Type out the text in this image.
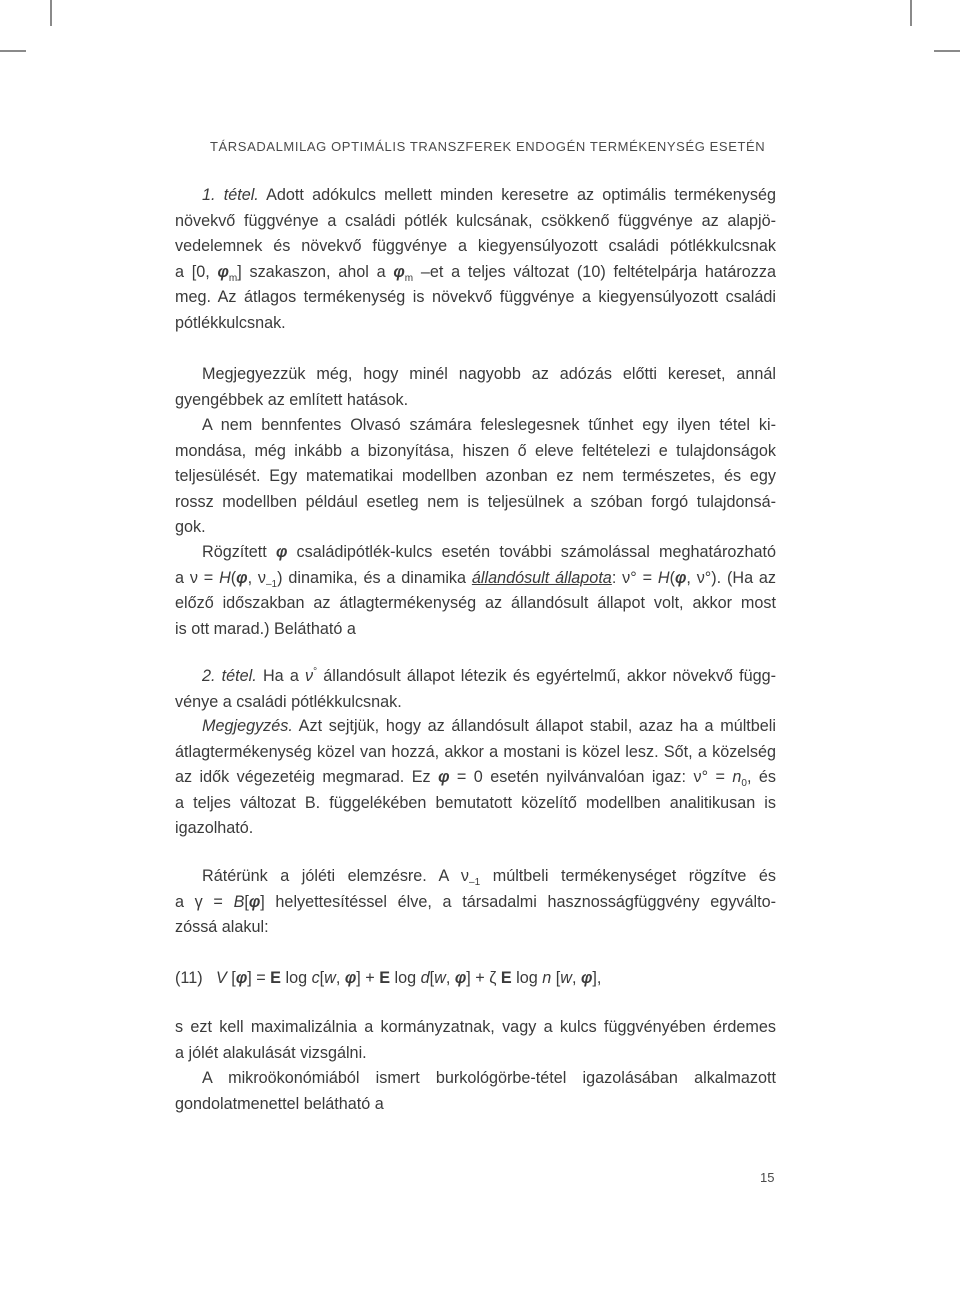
TÁRSADALMILAG OPTIMÁLIS TRANSZFEREK ENDOGÉN TERMÉKENYSÉG ESETÉN
1. tétel. Adott adókulcs mellett minden keresetre az optimális termékenység
növekvő függvénye a családi pótlék kulcsának, csökkenő függvénye az alapjö-
vedelemnek és növekvő függvénye a kiegyensúlyozott családi pótlékkulcsnak
a [0, $\varphi_m$] szakaszon, ahol a $\varphi_m$ –et a teljes változat (10) feltételpárja határozza
meg. Az átlagos termékenység is növekvő függvénye a kiegyensúlyozott családi
pótlékkulcsnak.
Megjegyezzük még, hogy minél nagyobb az adózás előtti kereset, annál
gyengébbek az említett hatások.
A nem bennfentes Olvasó számára feleslegesnek tűnhet egy ilyen tétel ki-
mondása, még inkább a bizonyítása, hiszen ő eleve feltételezi e tulajdonságok
teljesülését. Egy matematikai modellben azonban ez nem természetes, és egy
rossz modellben például esetleg nem is teljesülnek a szóban forgó tulajdonsá-
gok.
Rögzített φ családipótlék-kulcs esetén további számolással meghatározható
a ν = H(φ, $\nu_{-1}$) dinamika, és a dinamika állandósult állapota: ν° = H(φ, ν°). (Ha az
előző időszakban az átlagtermékenység az állandósult állapot volt, akkor most
is ott marad.) Belátható a
2. tétel. Ha a ν° állandósult állapot létezik és egyértelmű, akkor növekvő függ-
vénye a családi pótlékkulcsnak.
Megjegyzés. Azt sejtjük, hogy az állandósult állapot stabil, azaz ha a múltbeli
átlagtermékenység közel van hozzá, akkor a mostani is közel lesz. Sőt, a közelség
az idők végezetéig megmarad. Ez φ = 0 esetén nyilvánvalóan igaz: $\nu^\circ = n_0$, és
a teljes változat B. függelékében bemutatott közelítő modellben analitikusan is
igazolható.
Rátérünk a jóléti elemzésre. A $\nu_{-1}$ múltbeli termékenységet rögzítve és
a γ = B[φ] helyettesítéssel élve, a társadalmi hasznosságfüggvény egyválto-
zóssá alakul:
(11) V [φ] = E log c[w, φ] + E log d[w, φ] + ζ E log n [w, φ],
s ezt kell maximalizálnia a kormányzatnak, vagy a kulcs függvényében érdemes
a jólét alakulását vizsgálni.
A mikroökonómiából ismert burkológörbe-tétel igazolásában alkalmazott
gondolatmenettel belátható a
15
